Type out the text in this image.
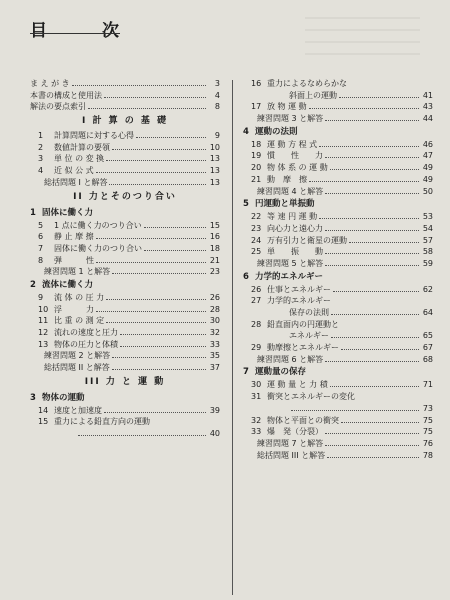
目　　　次
ま え が き	3
本書の構成と使用法	4
解法の要点索引	8
I 計 算 の 基 礎
1	計算問題に対する心得	9
2	数値計算の要領	10
3	単 位 の 変 換	13
4	近 似 公 式	13
総括問題 I と解答	13
II 力とそのつり合い
1 固体に働く力
5	1 点に働く力のつり合い	15
6	静 止 摩 擦	16
7	固体に働く力のつり合い	18
8	弾　　　性	21
練習問題 1 と解答	23
2 流体に働く力
9	流 体 の 圧 力	26
10 浮　　　力	28
11 比 重 の 測 定	30
12 流れの速度と圧力	32
13 物体の圧力と体積	33
練習問題 2 と解答	35
総括問題 II と解答	37
III 力 と 運 動
3 物体の運動
14 速度と加速度	39
15 重力による鉛直方向の運動
40
16 重力によるなめらかな
斜面上の運動	41
17 放 物 運 動	43
練習問題 3 と解答	44
4 運動の法則
18 運 動 方 程 式	46
19 慣　　性　　力	47
20 物 体 系 の 運 動	49
21 動　摩　擦	49
練習問題 4 と解答	50
5 円運動と単振動
22 等 速 円 運 動	53
23 向心力と遠心力	54
24 万有引力と衛星の運動	57
25 単　　振　　動	58
練習問題 5 と解答	59
6 力学的エネルギー
26 仕事とエネルギー	62
27 力学的エネルギー
保存の法則	64
28 鉛直面内の円運動と
エネルギー	65
29 動摩擦とエネルギー	67
練習問題 6 と解答	68
7 運動量の保存
30 運 動 量 と 力 積	71
31 衝突とエネルギーの変化
73
32 物体と平面との衝突	75
33 爆　発（分裂）	75
練習問題 7 と解答	76
総括問題 III と解答	78
